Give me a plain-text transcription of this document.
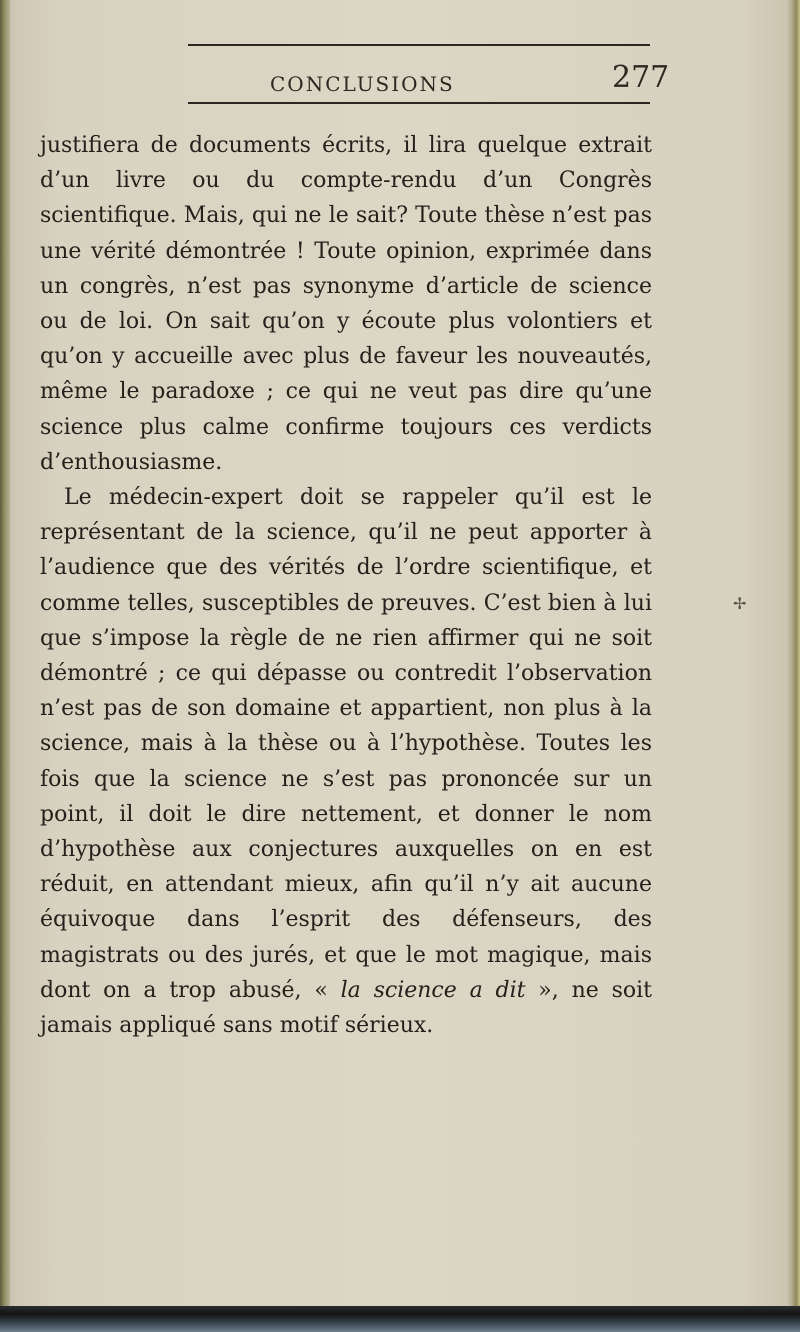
CONCLUSIONS	277

justifiera de documents écrits, il lira quelque extrait d’un livre ou du compte-rendu d’un Congrès scientifique. Mais, qui ne le sait? Toute thèse n’est pas une vérité démontrée ! Toute opinion, exprimée dans un congrès, n’est pas synonyme d’article de science ou de loi. On sait qu’on y écoute plus volontiers et qu’on y accueille avec plus de faveur les nouveautés, même le paradoxe ; ce qui ne veut pas dire qu’une science plus calme confirme toujours ces verdicts d’enthousiasme.

Le médecin-expert doit se rappeler qu’il est le représentant de la science, qu’il ne peut apporter à l’audience que des vérités de l’ordre scientifique, et comme telles, susceptibles de preuves. C’est bien à lui que s’impose la règle de ne rien affirmer qui ne soit démontré ; ce qui dépasse ou contredit l’observation n’est pas de son domaine et appartient, non plus à la science, mais à la thèse ou à l’hypothèse. Toutes les fois que la science ne s’est pas prononcée sur un point, il doit le dire nettement, et donner le nom d’hypothèse aux conjectures auxquelles on en est réduit, en attendant mieux, afin qu’il n’y ait aucune équivoque dans l’esprit des défenseurs, des magistrats ou des jurés, et que le mot magique, mais dont on a trop abusé, « la science a dit », ne soit jamais appliqué sans motif sérieux.

✢
